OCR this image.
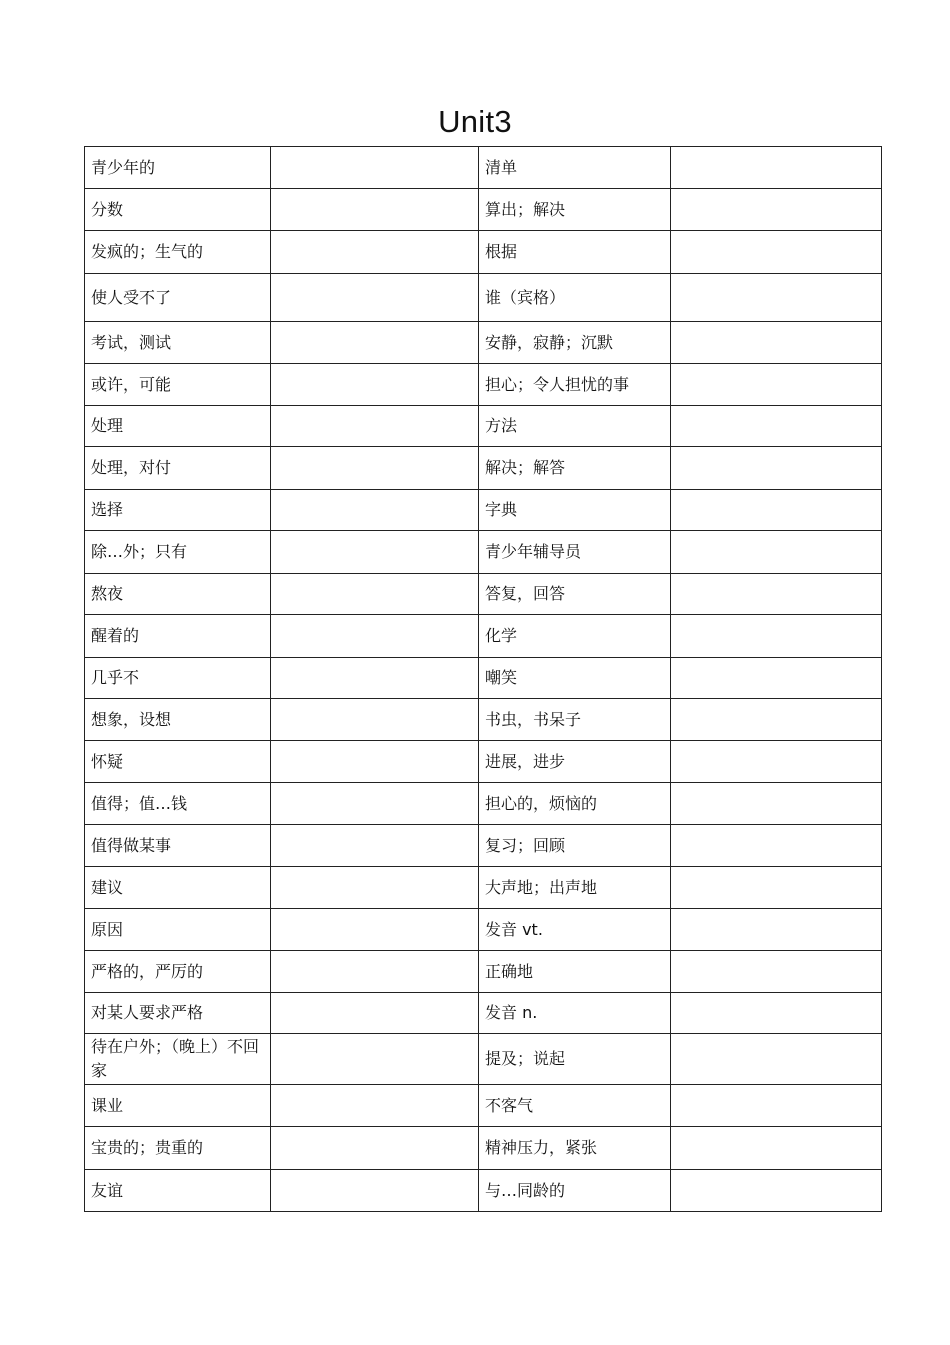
Unit3
青少年的		清单	
分数		算出；解决	
发疯的；生气的		根据	
使人受不了		谁（宾格）	
考试，测试		安静，寂静；沉默	
或许，可能		担心；令人担忧的事	
处理		方法	
处理，对付		解决；解答	
选择		字典	
除…外；只有		青少年辅导员	
熬夜		答复，回答	
醒着的		化学	
几乎不		嘲笑	
想象，设想		书虫，书呆子	
怀疑		进展，进步	
值得；值…钱		担心的，烦恼的	
值得做某事		复习；回顾	
建议		大声地；出声地	
原因		发音 vt.	
严格的，严厉的		正确地	
对某人要求严格		发音 n.	
待在户外；（晚上）不回家		提及；说起	
课业		不客气	
宝贵的；贵重的		精神压力，紧张	
友谊		与…同龄的	
